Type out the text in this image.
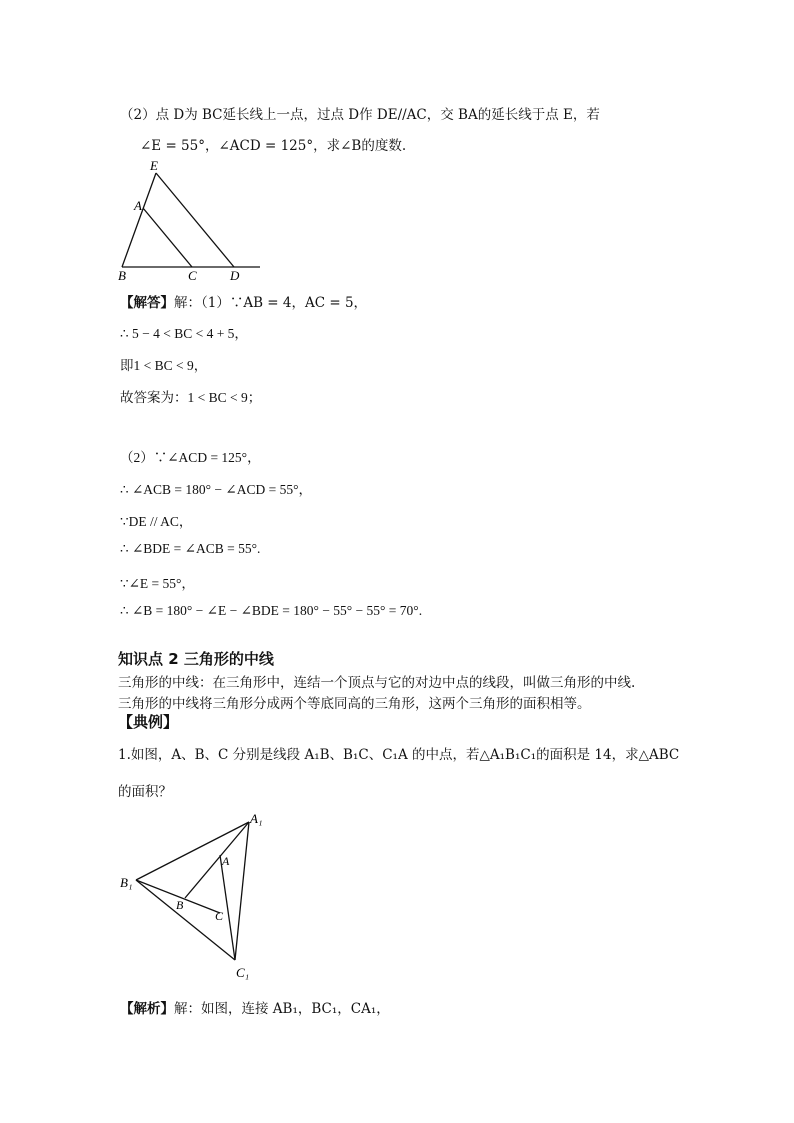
（2）点 D为 BC延长线上一点，过点 D作 DE//AC，交 BA的延长线于点 E，若
∠E = 55°，∠ACD = 125°，求∠B的度数.
E
A
B	C	D
【解答】解：（1）∵AB = 4，AC = 5，
∴ 5 − 4 < BC < 4 + 5，
即1 < BC < 9，
故答案为：1 < BC < 9；
（2）∵∠ACD = 125°，
∴ ∠ACB = 180° − ∠ACD = 55°，
∵DE // AC，
∴ ∠BDE = ∠ACB = 55°.
∵∠E = 55°，
∴ ∠B = 180° − ∠E − ∠BDE = 180° − 55° − 55° = 70°.
知识点 2 三角形的中线
三角形的中线：在三角形中，连结一个顶点与它的对边中点的线段，叫做三角形的中线.
三角形的中线将三角形分成两个等底同高的三角形，这两个三角形的面积相等。
【典例】
1.如图，A、B、C 分别是线段 A₁B、B₁C、C₁A 的中点，若△A₁B₁C₁的面积是 14，求△ABC
的面积？
A₁
B₁
C₁
A
B
C
【解析】解：如图，连接 AB₁，BC₁，CA₁，
